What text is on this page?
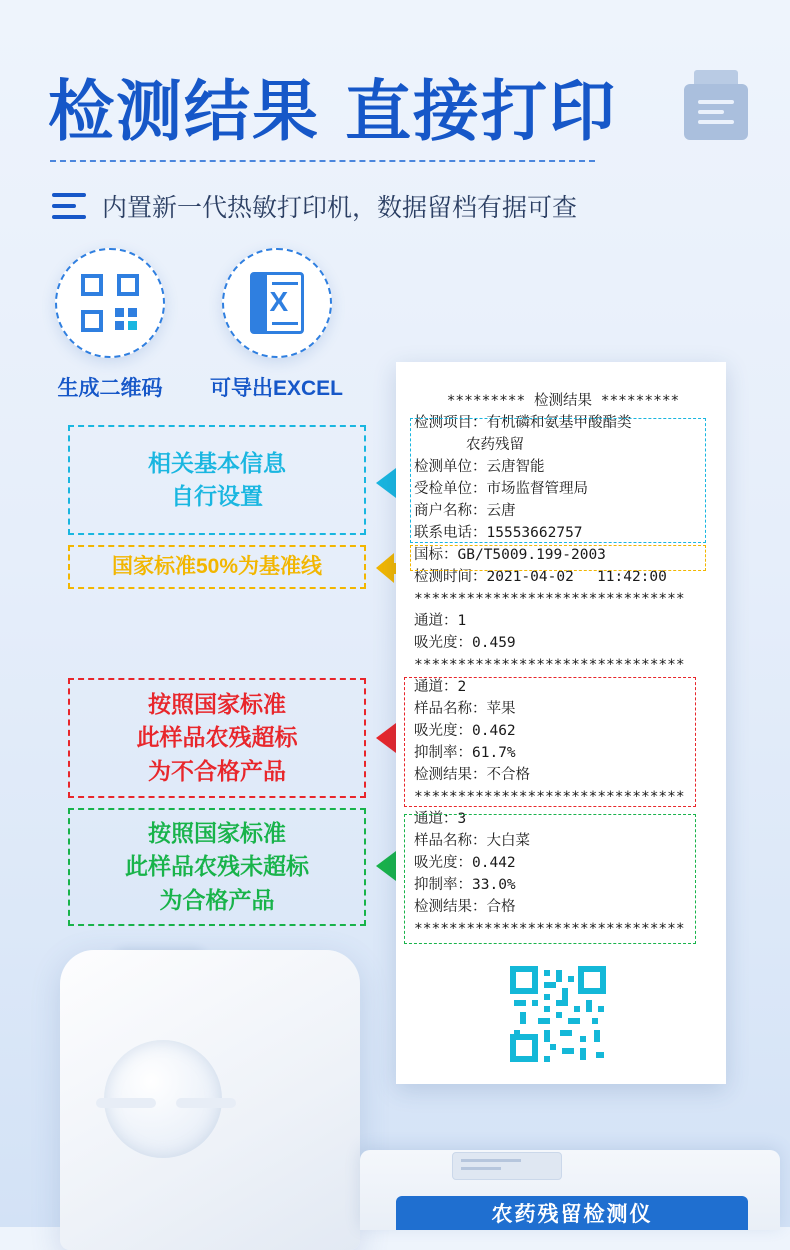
检测结果 直接打印
内置新一代热敏打印机，数据留档有据可查
生成二维码
X
可导出EXCEL
相关基本信息
自行设置
国家标准50%为基准线
按照国家标准
此样品农残超标
为不合格产品
按照国家标准
此样品农残未超标
为合格产品
********* 检测结果 *********
检测项目：有机磷和氨基甲酸酯类
农药残留
检测单位：云唐智能
受检单位：市场监督管理局
商户名称：云唐
联系电话：15553662757
国标：GB/T5009.199-2003
检测时间：2021-04-02　 11:42:00
*******************************
通道：1
吸光度：0.459
*******************************
通道：2
样品名称：苹果
吸光度：0.462
抑制率：61.7%
检测结果：不合格
*******************************
通道：3
样品名称：大白菜
吸光度：0.442
抑制率：33.0%
检测结果：合格
*******************************
农药残留检测仪
